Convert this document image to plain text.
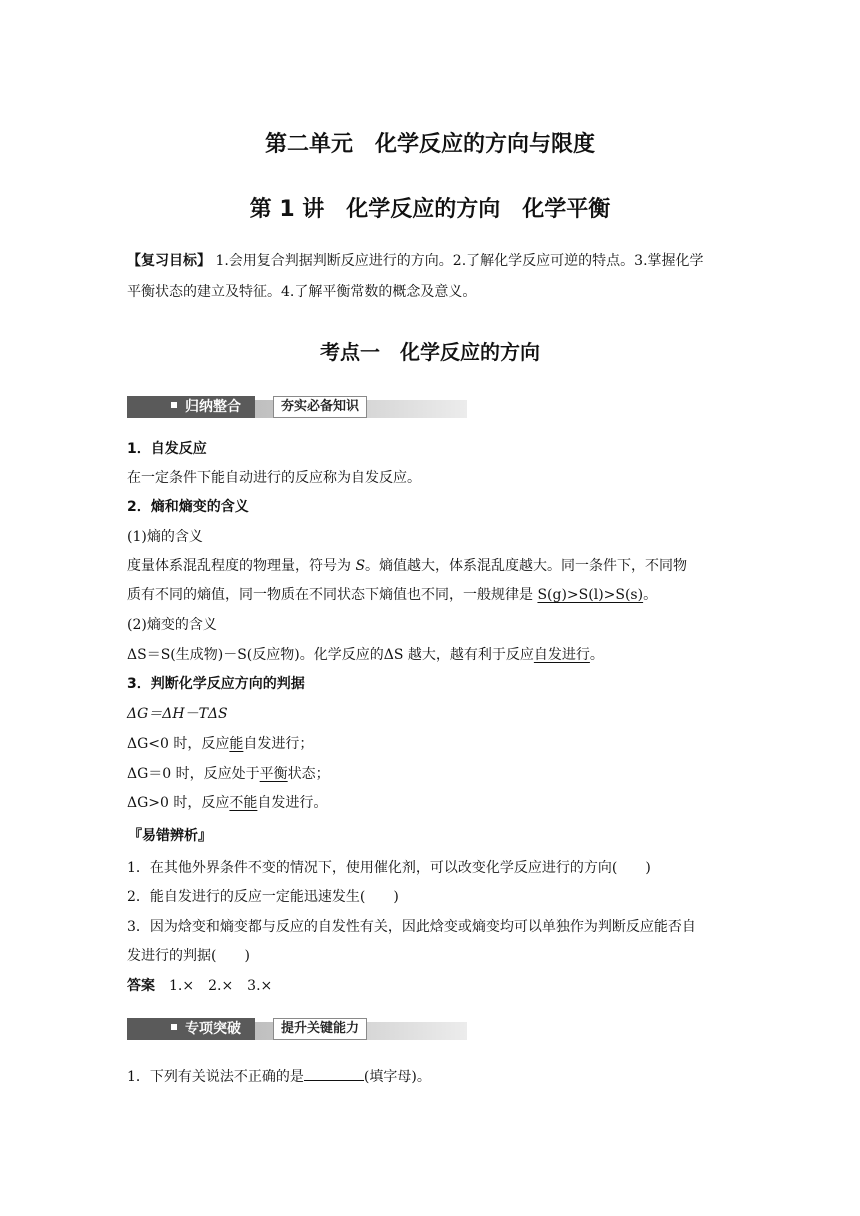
第二单元　化学反应的方向与限度
第 1 讲　化学反应的方向　化学平衡
【复习目标】 1.会用复合判据判断反应进行的方向。2.了解化学反应可逆的特点。3.掌握化学
平衡状态的建立及特征。4.了解平衡常数的概念及意义。
考点一　化学反应的方向
归纳整合	夯实必备知识
1．自发反应
在一定条件下能自动进行的反应称为自发反应。
2．熵和熵变的含义
(1)熵的含义
度量体系混乱程度的物理量，符号为 S。熵值越大，体系混乱度越大。同一条件下，不同物
质有不同的熵值，同一物质在不同状态下熵值也不同，一般规律是 S(g)>S(l)>S(s)。
(2)熵变的含义
ΔS＝S(生成物)－S(反应物)。化学反应的ΔS 越大，越有利于反应自发进行。
3．判断化学反应方向的判据
ΔG＝ΔH－TΔS
ΔG<0 时，反应能自发进行；
ΔG＝0 时，反应处于平衡状态；
ΔG>0 时，反应不能自发进行。
『易错辨析』
1．在其他外界条件不变的情况下，使用催化剂，可以改变化学反应进行的方向(　　)
2．能自发进行的反应一定能迅速发生(　　)
3．因为焓变和熵变都与反应的自发性有关，因此焓变或熵变均可以单独作为判断反应能否自
发进行的判据(　　)
答案　1.×　2.×　3.×
专项突破	提升关键能力
1．下列有关说法不正确的是	(填字母)。
